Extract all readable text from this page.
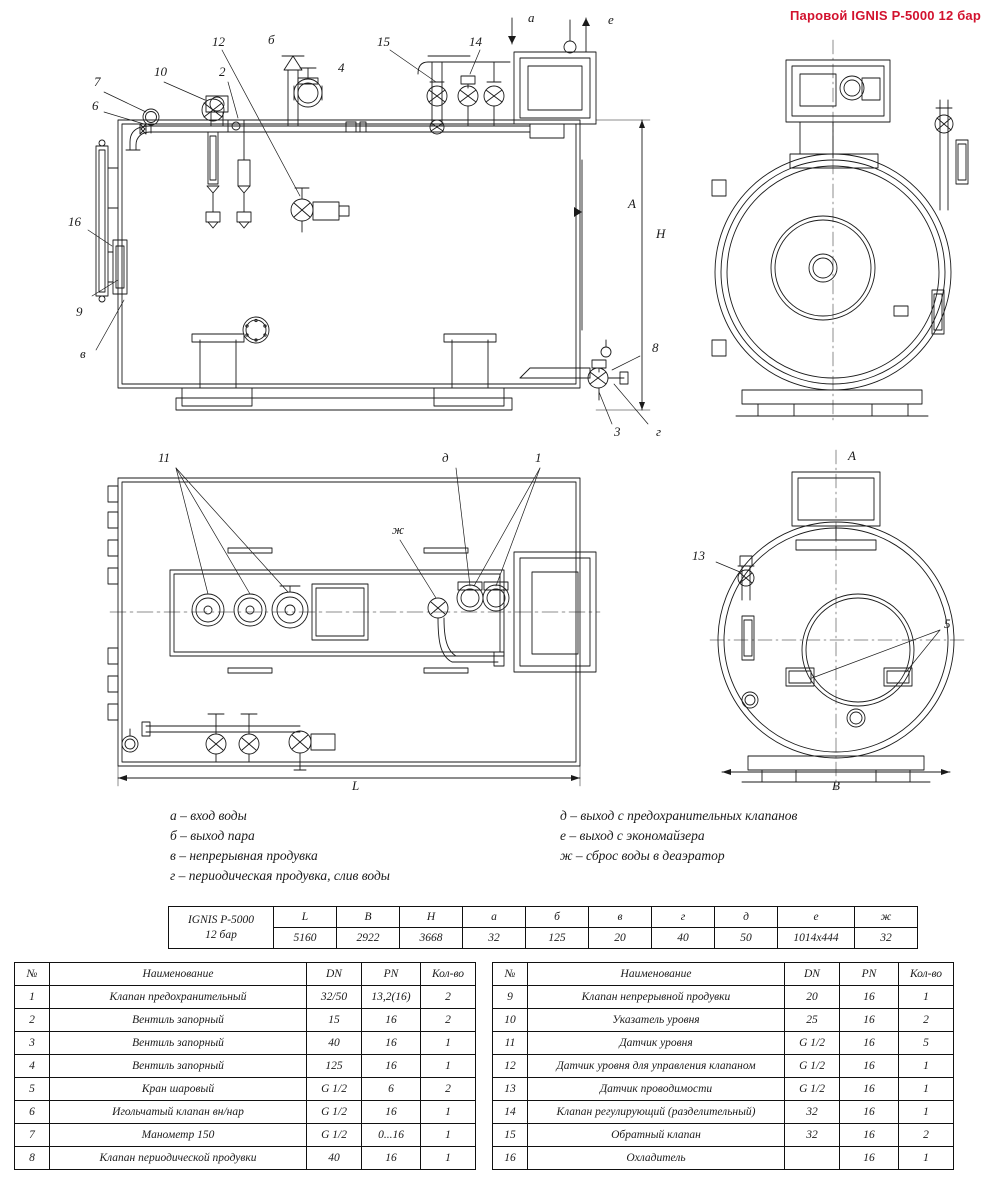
Паровой IGNIS P-5000 12 бар
7
6
10	2
12	б
4
15	14
а	е
16
9
в	8
3	г
А
Н
11	д	1
ж
L
А
13
5
В
а – вход воды
б – выход пара
в – непрерывная продувка
г – периодическая продувка, слив воды
д – выход с предохранительных клапанов
е – выход с экономайзера
ж – сброс воды в деаэратор
IGNIS P-5000
12 бар	L	B	H	а	б	в	г	д	е	ж
	5160	2922	3668	32	125	20	40	50	1014х444	32
№	Наименование	DN	PN	Кол-во
1	Клапан предохранительный	32/50	13,2(16)	2
2	Вентиль запорный	15	16	2
3	Вентиль запорный	40	16	1
4	Вентиль запорный	125	16	1
5	Кран шаровый	G 1/2	6	2
6	Игольчатый клапан вн/нар	G 1/2	16	1
7	Манометр 150	G 1/2	0...16	1
8	Клапан периодической продувки	40	16	1
№	Наименование	DN	PN	Кол-во
9	Клапан непрерывной продувки	20	16	1
10	Указатель уровня	25	16	2
11	Датчик уровня	G 1/2	16	5
12	Датчик уровня для управления клапаном	G 1/2	16	1
13	Датчик проводимости	G 1/2	16	1
14	Клапан регулирующий (разделительный)	32	16	1
15	Обратный клапан	32	16	2
16	Охладитель		16	1
